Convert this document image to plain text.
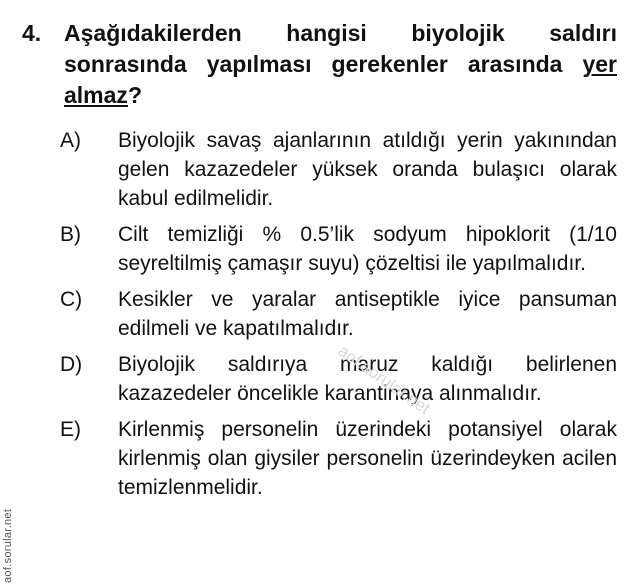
4. Aşağıdakilerden hangisi biyolojik saldırı sonrasında yapılması gerekenler arasında yer almaz?
A) Biyolojik savaş ajanlarının atıldığı yerin yakınından gelen kazazedeler yüksek oranda bulaşıcı olarak kabul edilmelidir.
B) Cilt temizliği % 0.5’lik sodyum hipoklorit (1/10 seyreltilmiş çamaşır suyu) çözeltisi ile yapılmalıdır.
C) Kesikler ve yaralar antiseptikle iyice pansuman edilmeli ve kapatılmalıdır.
D) Biyolojik saldırıya maruz kaldığı belirlenen kazazedeler öncelikle karantinaya alınmalıdır.
E) Kirlenmiş personelin üzerindeki potansiyel olarak kirlenmiş olan giysiler personelin üzerindeyken acilen temizlenmelidir.
aof.sorular.net
aof.sorular.net
